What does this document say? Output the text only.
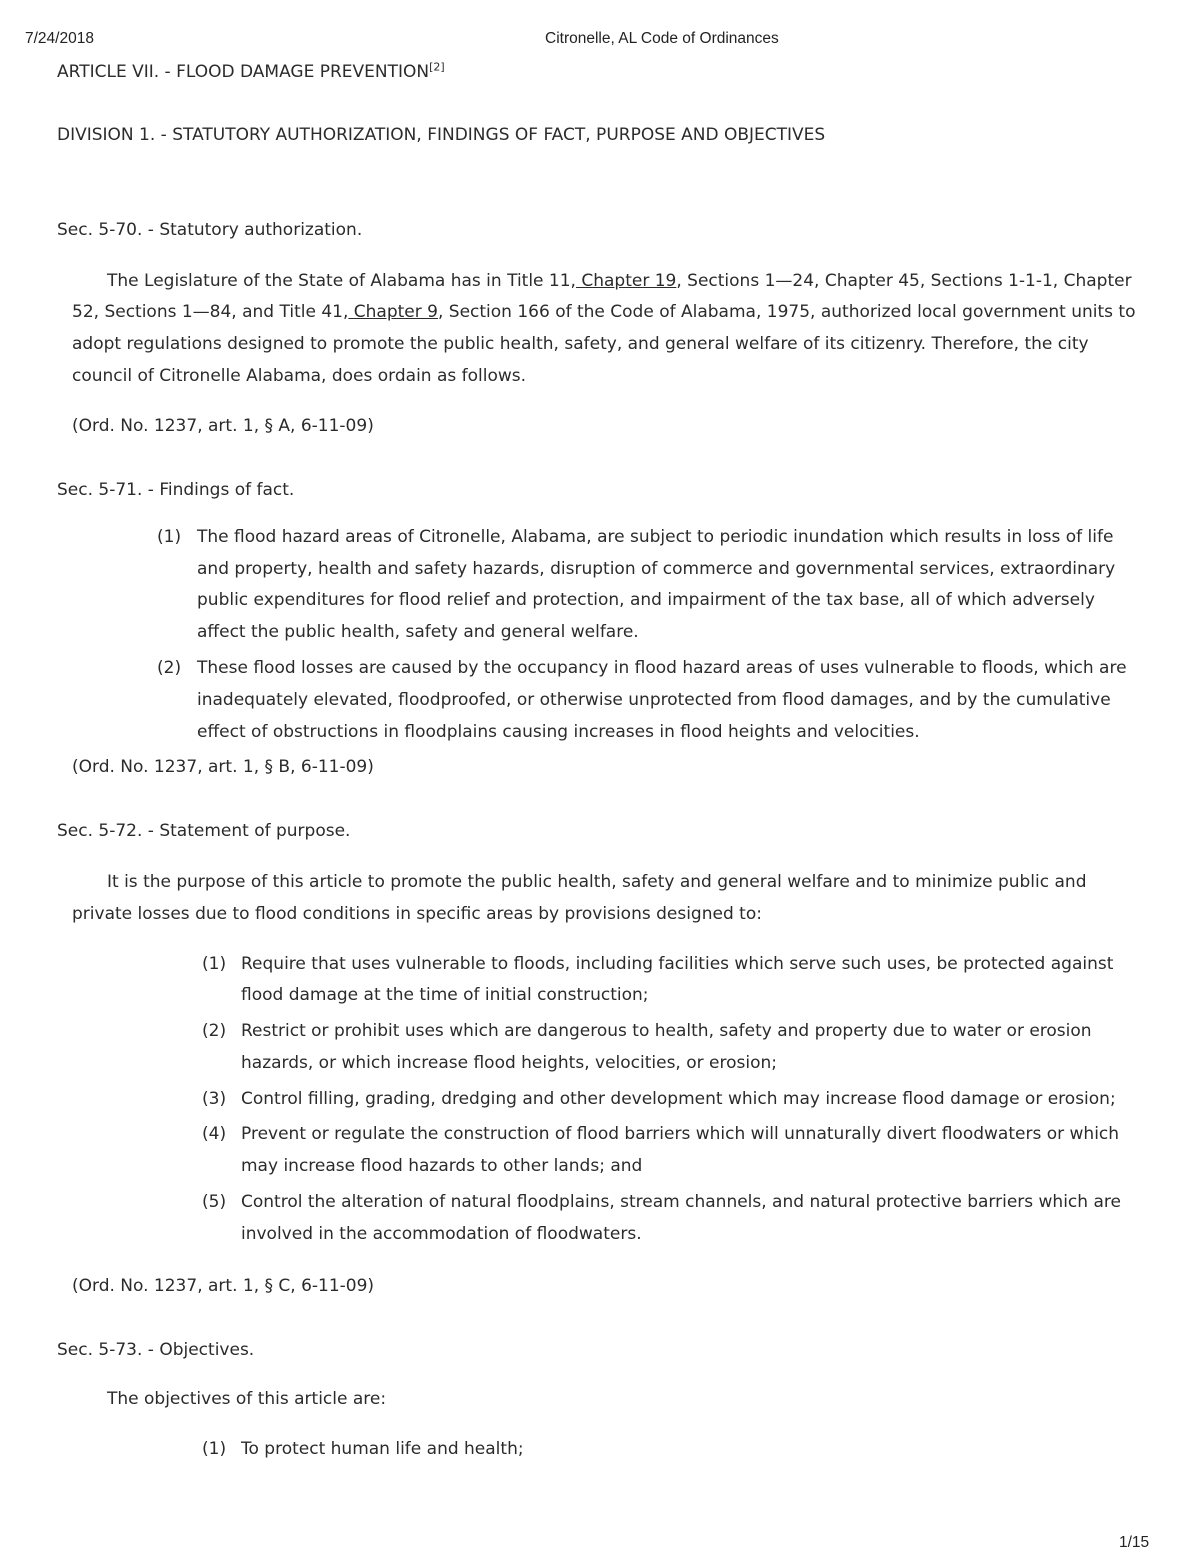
7/24/2018	Citronelle, AL Code of Ordinances
ARTICLE VII. - FLOOD DAMAGE PREVENTION[2]
DIVISION 1. - STATUTORY AUTHORIZATION, FINDINGS OF FACT, PURPOSE AND OBJECTIVES
Sec. 5-70. - Statutory authorization.
The Legislature of the State of Alabama has in Title 11, Chapter 19, Sections 1—24, Chapter 45, Sections 1-1-1, Chapter
52, Sections 1—84, and Title 41, Chapter 9, Section 166 of the Code of Alabama, 1975, authorized local government units to
adopt regulations designed to promote the public health, safety, and general welfare of its citizenry. Therefore, the city
council of Citronelle Alabama, does ordain as follows.
(Ord. No. 1237, art. 1, § A, 6-11-09)
Sec. 5-71. - Findings of fact.
(1) The flood hazard areas of Citronelle, Alabama, are subject to periodic inundation which results in loss of life
and property, health and safety hazards, disruption of commerce and governmental services, extraordinary
public expenditures for flood relief and protection, and impairment of the tax base, all of which adversely
affect the public health, safety and general welfare.
(2) These flood losses are caused by the occupancy in flood hazard areas of uses vulnerable to floods, which are
inadequately elevated, floodproofed, or otherwise unprotected from flood damages, and by the cumulative
effect of obstructions in floodplains causing increases in flood heights and velocities.
(Ord. No. 1237, art. 1, § B, 6-11-09)
Sec. 5-72. - Statement of purpose.
It is the purpose of this article to promote the public health, safety and general welfare and to minimize public and
private losses due to flood conditions in specific areas by provisions designed to:
(1) Require that uses vulnerable to floods, including facilities which serve such uses, be protected against
flood damage at the time of initial construction;
(2) Restrict or prohibit uses which are dangerous to health, safety and property due to water or erosion
hazards, or which increase flood heights, velocities, or erosion;
(3) Control filling, grading, dredging and other development which may increase flood damage or erosion;
(4) Prevent or regulate the construction of flood barriers which will unnaturally divert floodwaters or which
may increase flood hazards to other lands; and
(5) Control the alteration of natural floodplains, stream channels, and natural protective barriers which are
involved in the accommodation of floodwaters.
(Ord. No. 1237, art. 1, § C, 6-11-09)
Sec. 5-73. - Objectives.
The objectives of this article are:
(1) To protect human life and health;
1/15
